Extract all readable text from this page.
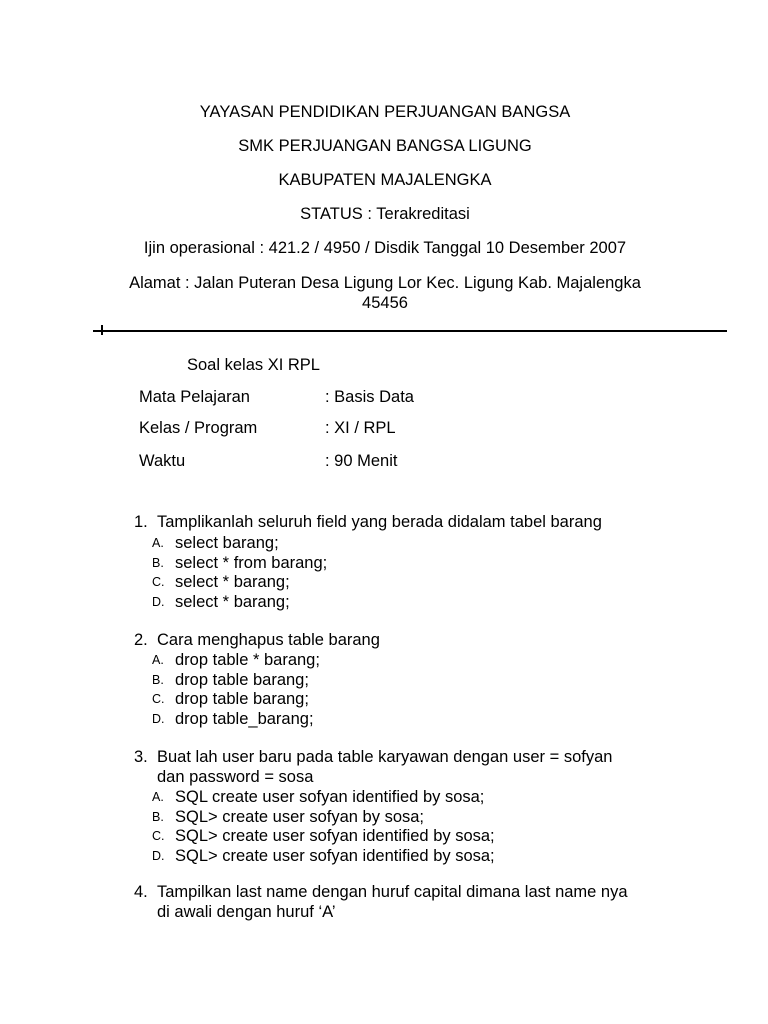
YAYASAN PENDIDIKAN PERJUANGAN BANGSA
SMK PERJUANGAN BANGSA LIGUNG
KABUPATEN MAJALENGKA
STATUS : Terakreditasi
Ijin operasional : 421.2 / 4950 / Disdik Tanggal 10 Desember 2007
Alamat : Jalan Puteran Desa Ligung Lor Kec. Ligung Kab. Majalengka
45456
Soal kelas XI RPL
Mata Pelajaran	: Basis Data
Kelas / Program	: XI / RPL
Waktu	: 90 Menit
1. Tamplikanlah seluruh field yang berada didalam tabel barang
A. select barang;
B. select * from barang;
C. select * barang;
D. select * barang;
2. Cara menghapus table barang
A. drop table * barang;
B. drop table barang;
C. drop table barang;
D. drop table_barang;
3. Buat lah user baru pada table karyawan dengan user = sofyan
dan password = sosa
A. SQL create user sofyan identified by sosa;
B. SQL> create user sofyan by sosa;
C. SQL> create user sofyan identified by sosa;
D. SQL> create user sofyan identified by sosa;
4. Tampilkan last name dengan huruf capital dimana last name nya
di awali dengan huruf ‘A’
